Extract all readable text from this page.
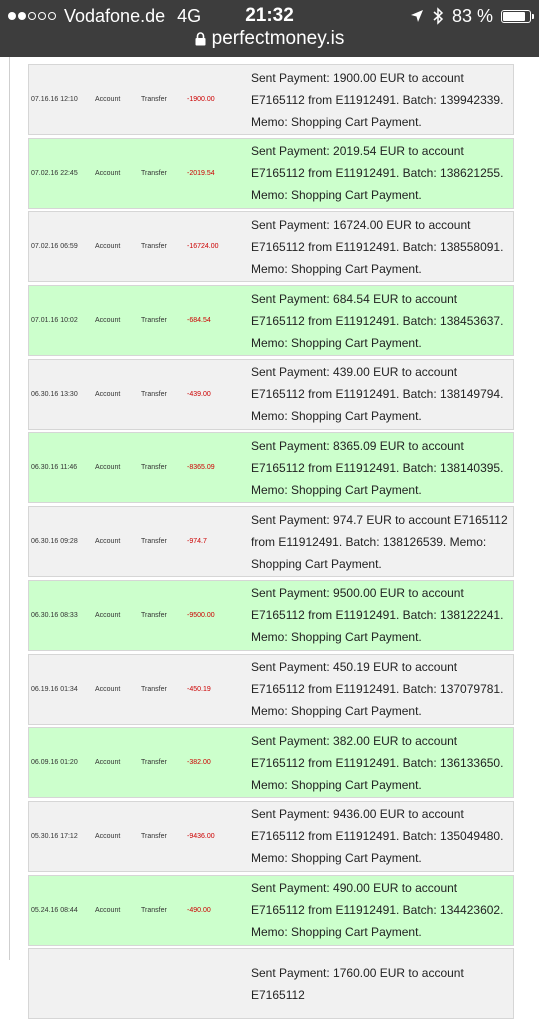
Vodafone.de 4G	21:32	83 %
perfectmoney.is
07.16.16 12:10 Account	Transfer	-1900.00
Sent Payment: 1900.00 EUR to account E7165112 from E11912491. Batch: 139942339. Memo: Shopping Cart Payment.
07.02.16 22:45 Account	Transfer	-2019.54
Sent Payment: 2019.54 EUR to account E7165112 from E11912491. Batch: 138621255. Memo: Shopping Cart Payment.
07.02.16 06:59 Account	Transfer	-16724.00
Sent Payment: 16724.00 EUR to account E7165112 from E11912491. Batch: 138558091. Memo: Shopping Cart Payment.
07.01.16 10:02 Account	Transfer	-684.54
Sent Payment: 684.54 EUR to account E7165112 from E11912491. Batch: 138453637. Memo: Shopping Cart Payment.
06.30.16 13:30 Account	Transfer	-439.00
Sent Payment: 439.00 EUR to account E7165112 from E11912491. Batch: 138149794. Memo: Shopping Cart Payment.
06.30.16 11:46	Account	Transfer	-8365.09
Sent Payment: 8365.09 EUR to account E7165112 from E11912491. Batch: 138140395. Memo: Shopping Cart Payment.
06.30.16 09:28 Account	Transfer	-974.7
Sent Payment: 974.7 EUR to account E7165112 from E11912491. Batch: 138126539. Memo: Shopping Cart Payment.
06.30.16 08:33 Account	Transfer	-9500.00
Sent Payment: 9500.00 EUR to account E7165112 from E11912491. Batch: 138122241. Memo: Shopping Cart Payment.
06.19.16 01:34 Account	Transfer	-450.19
Sent Payment: 450.19 EUR to account E7165112 from E11912491. Batch: 137079781. Memo: Shopping Cart Payment.
06.09.16 01:20 Account	Transfer	-382.00
Sent Payment: 382.00 EUR to account E7165112 from E11912491. Batch: 136133650. Memo: Shopping Cart Payment.
05.30.16 17:12 Account	Transfer	-9436.00
Sent Payment: 9436.00 EUR to account E7165112 from E11912491. Batch: 135049480. Memo: Shopping Cart Payment.
05.24.16 08:44 Account	Transfer	-490.00
Sent Payment: 490.00 EUR to account E7165112 from E11912491. Batch: 134423602. Memo: Shopping Cart Payment.
Sent Payment: 1760.00 EUR to account E7165112
